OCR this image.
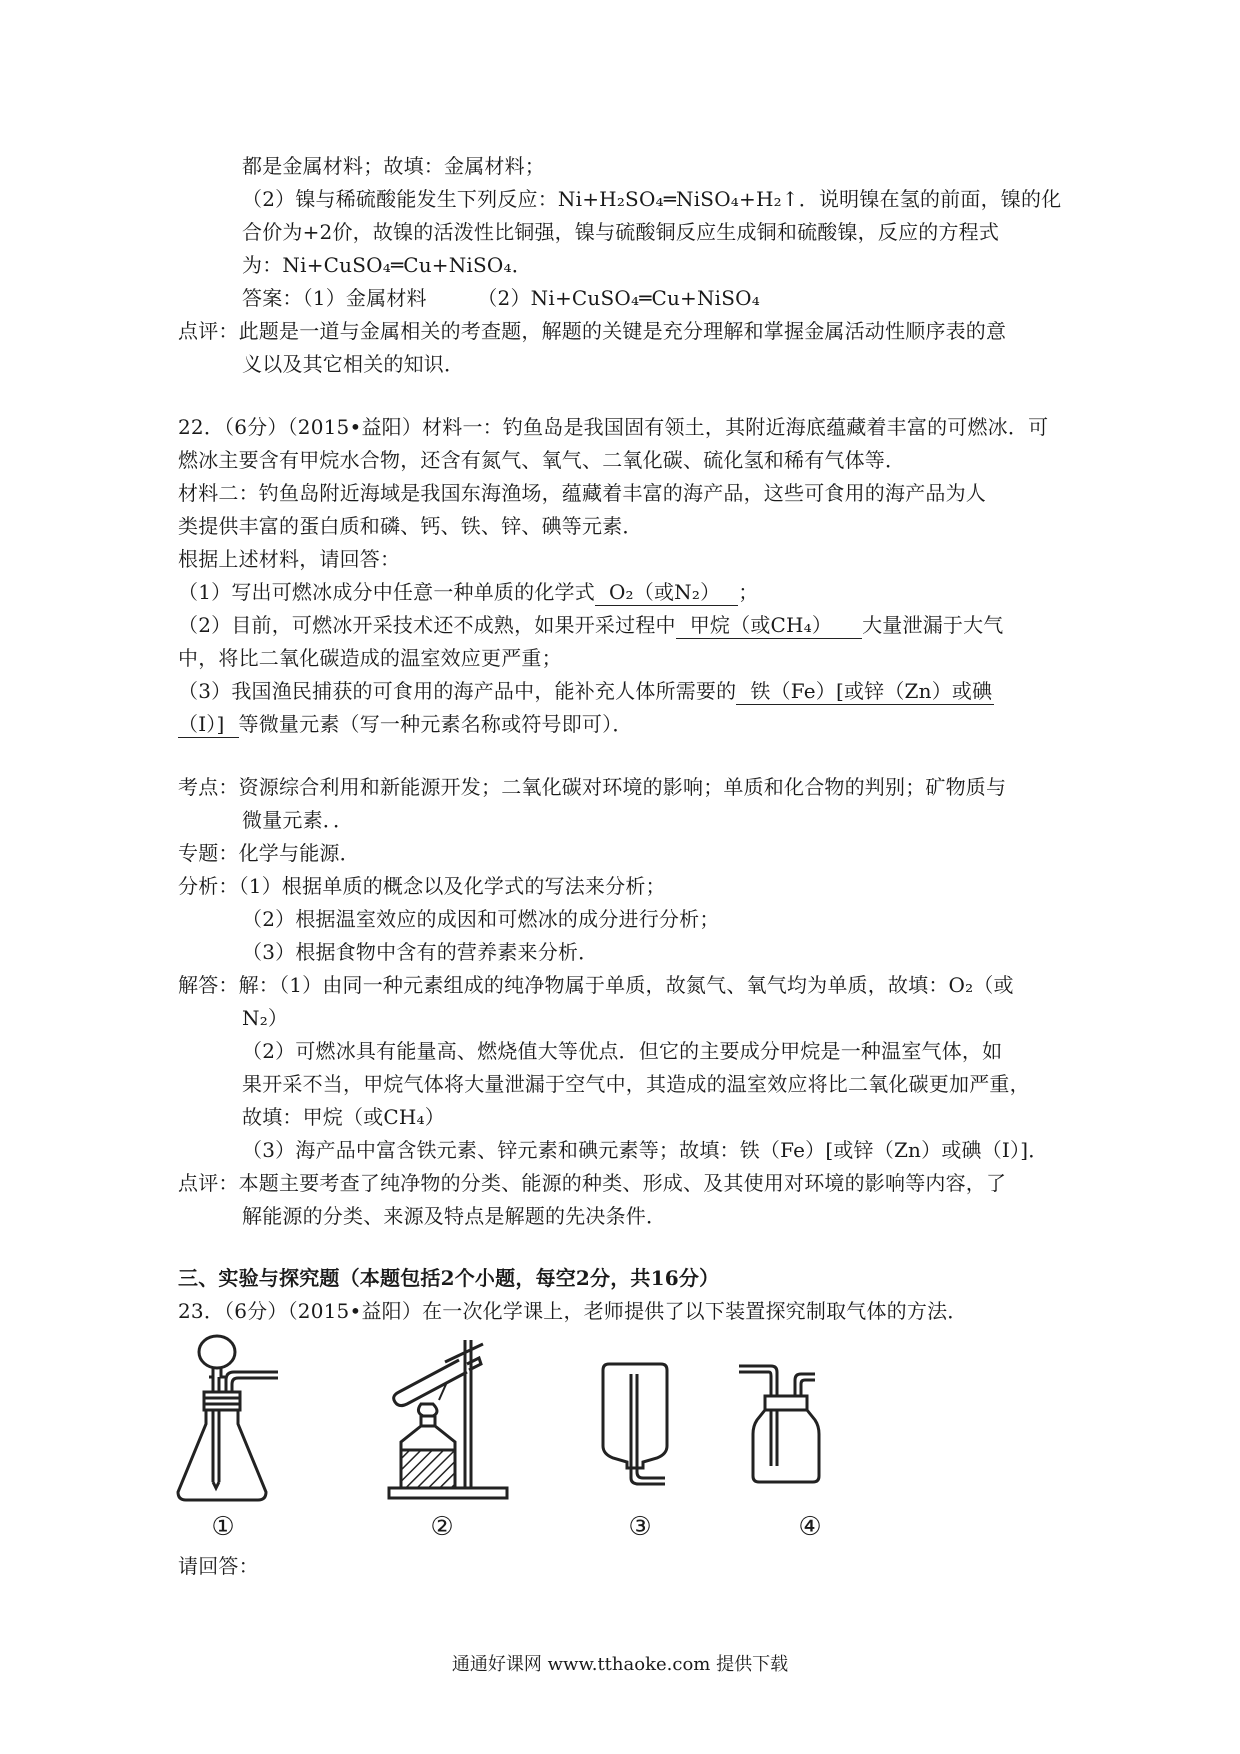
都是金属材料；故填：金属材料；
（2）镍与稀硫酸能发生下列反应：Ni+H₂SO₄═NiSO₄+H₂↑．说明镍在氢的前面，镍的化
合价为+2价，故镍的活泼性比铜强，镍与硫酸铜反应生成铜和硫酸镍，反应的方程式
为：Ni+CuSO₄═Cu+NiSO₄．
答案：（1）金属材料　　　（2）Ni+CuSO₄═Cu+NiSO₄
点评：此题是一道与金属相关的考查题，解题的关键是充分理解和掌握金属活动性顺序表的意
义以及其它相关的知识．
22．（6分）（2015•益阳）材料一：钓鱼岛是我国固有领土，其附近海底蕴藏着丰富的可燃冰．可
燃冰主要含有甲烷水合物，还含有氮气、氧气、二氧化碳、硫化氢和稀有气体等．
材料二：钓鱼岛附近海域是我国东海渔场，蕴藏着丰富的海产品，这些可食用的海产品为人
类提供丰富的蛋白质和磷、钙、铁、锌、碘等元素．
根据上述材料，请回答：
（1）写出可燃冰成分中任意一种单质的化学式 O₂（或N₂） ；
（2）目前，可燃冰开采技术还不成熟，如果开采过程中 甲烷（或CH₄） 大量泄漏于大气
中，将比二氧化碳造成的温室效应更严重；
（3）我国渔民捕获的可食用的海产品中，能补充人体所需要的 铁（Fe）[或锌（Zn）或碘
（I）] 等微量元素（写一种元素名称或符号即可）．
考点：资源综合利用和新能源开发；二氧化碳对环境的影响；单质和化合物的判别；矿物质与
微量元素．．
专题：化学与能源．
分析：（1）根据单质的概念以及化学式的写法来分析；
（2）根据温室效应的成因和可燃冰的成分进行分析；
（3）根据食物中含有的营养素来分析．
解答：解：（1）由同一种元素组成的纯净物属于单质，故氮气、氧气均为单质，故填：O₂（或
N₂）
（2）可燃冰具有能量高、燃烧值大等优点．但它的主要成分甲烷是一种温室气体，如
果开采不当，甲烷气体将大量泄漏于空气中，其造成的温室效应将比二氧化碳更加严重，
故填：甲烷（或CH₄）
（3）海产品中富含铁元素、锌元素和碘元素等；故填：铁（Fe）[或锌（Zn）或碘（I）]．
点评：本题主要考查了纯净物的分类、能源的种类、形成、及其使用对环境的影响等内容，了
解能源的分类、来源及特点是解题的先决条件．
三、实验与探究题（本题包括2个小题，每空2分，共16分）
23．（6分）（2015•益阳）在一次化学课上，老师提供了以下装置探究制取气体的方法．
①	②	③	④
请回答：
通通好课网 www.tthaoke.com 提供下载
